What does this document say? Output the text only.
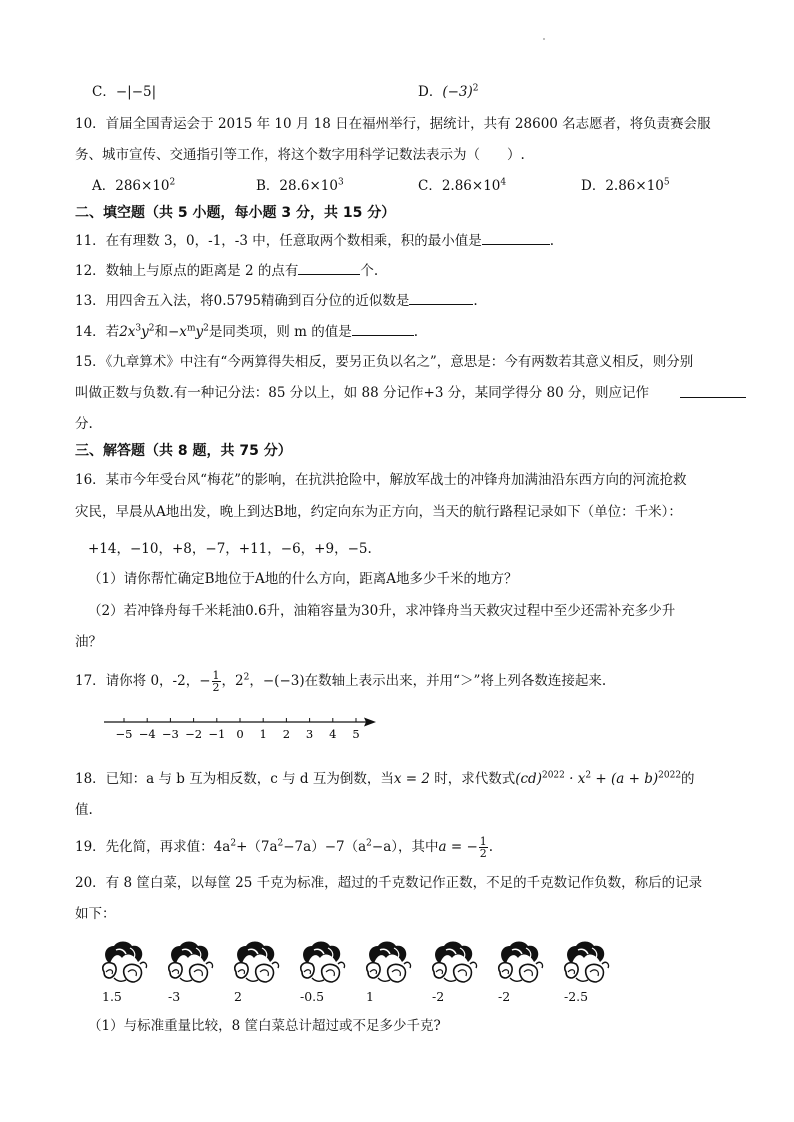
C．−|−5|	D．$(-3)^2$
10．首届全国青运会于 2015 年 10 月 18 日在福州举行，据统计，共有 28600 名志愿者，将负责赛会服
务、城市宣传、交通指引等工作，将这个数字用科学记数法表示为（　　）.
A．$286\times 10^2$	B．$28.6\times 10^3$	C．$2.86\times 10^4$	D．$2.86\times 10^5$
二、填空题（共 5 小题，每小题 3 分，共 15 分）
11．在有理数 3，0，-1，-3 中，任意取两个数相乘，积的最小值是	.
12．数轴上与原点的距离是 2 的点有	个.
13．用四舍五入法，将0.5795精确到百分位的近似数是	.
14．若$2x^3y^2$和$-x^my^2$是同类项，则 m 的值是	.
15．《九章算术》中注有“今两算得失相反，要另正负以名之”，意思是：今有两数若其意义相反，则分别
叫做正数与负数.有一种记分法：85 分以上，如 88 分记作+3 分，某同学得分 80 分，则应记作
分.
三、解答题（共 8 题，共 75 分）
16．某市今年受台风“梅花”的影响，在抗洪抢险中，解放军战士的冲锋舟加满油沿东西方向的河流抢救
灾民，早晨从A地出发，晚上到达B地，约定向东为正方向，当天的航行路程记录如下（单位：千米）：
+14，−10，+8，−7，+11，−6，+9，−5.
（1）请你帮忙确定B地位于A地的什么方向，距离A地多少千米的地方？
（2）若冲锋舟每千米耗油0.6升，油箱容量为30升，求冲锋舟当天救灾过程中至少还需补充多少升
油？
17．请你将 0，-2，− $\frac{1}{2}$ ，$2^2$，−(−3)在数轴上表示出来，并用“＞”将上列各数连接起来.
−5 −4 −3 −2 −1 0 1 2 3 4 5
18．已知：a 与 b 互为相反数，c 与 d 互为倒数，当x = 2 时，求代数式$(cd)^{2022} \cdot x^2 + (a + b)^{2022}$的
值.
19．先化简，再求值：$4a^2+(7a^2-7a)-7(a^2-a)$，其中a = − $\frac{1}{2}$ .
20．有 8 筐白菜，以每筐 25 千克为标准，超过的千克数记作正数，不足的千克数记作负数，称后的记录
如下：
1.5	-3	2	-0.5	1	-2	-2	-2.5
（1）与标准重量比较，8 筐白菜总计超过或不足多少千克?
